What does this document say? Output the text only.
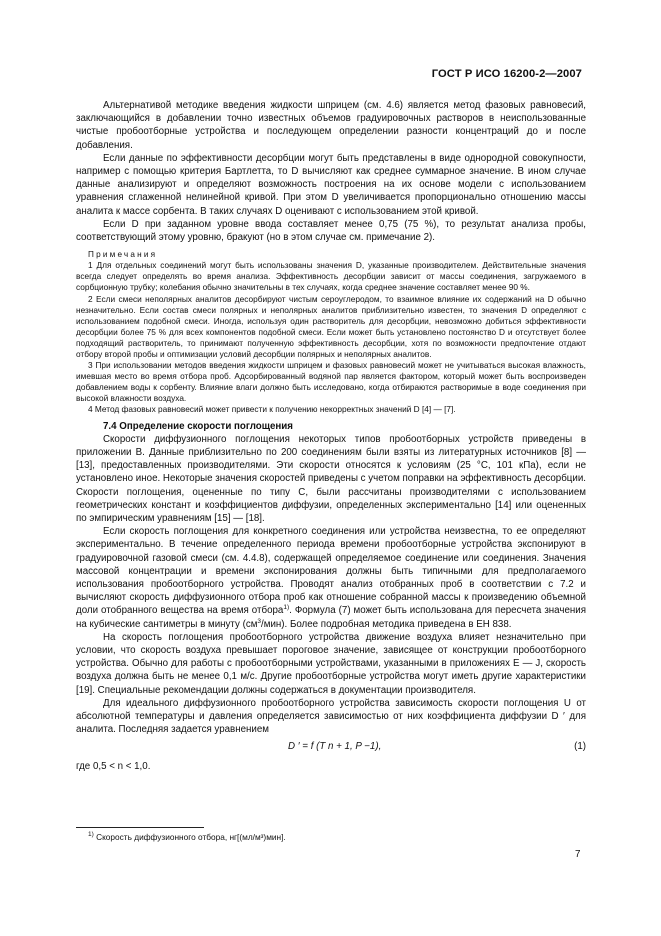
ГОСТ Р ИСО 16200-2—2007

Альтернативой методике введения жидкости шприцем (см. 4.6) является метод фазовых равновесий, заключающийся в добавлении точно известных объемов градуировочных растворов в неиспользованные чистые пробоотборные устройства и последующем определении разности концентраций до и после добавления.

Если данные по эффективности десорбции могут быть представлены в виде однородной совокупности, например с помощью критерия Бартлетта, то D вычисляют как среднее суммарное значение. В ином случае данные анализируют и определяют возможность построения на их основе модели с использованием уравнения сглаженной нелинейной кривой. При этом D увеличивается пропорционально отношению массы аналита к массе сорбента. В таких случаях D оценивают с использованием этой кривой.

Если D при заданном уровне ввода составляет менее 0,75 (75 %), то результат анализа пробы, соответствующий этому уровню, бракуют (но в этом случае см. примечание 2).

Примечания

1 Для отдельных соединений могут быть использованы значения D, указанные производителем. Действительные значения всегда следует определять во время анализа. Эффективность десорбции зависит от массы соединения, загружаемого в сорбционную трубку; колебания обычно значительны в тех случаях, когда среднее значение составляет менее 90 %.

2 Если смеси неполярных аналитов десорбируют чистым сероуглеродом, то взаимное влияние их содержаний на D обычно незначительно. Если состав смеси полярных и неполярных аналитов приблизительно известен, то значения D определяют с использованием подобной смеси. Иногда, используя один растворитель для десорбции, невозможно добиться эффективности десорбции более 75 % для всех компонентов подобной смеси. Если может быть установлено постоянство D и отсутствует более подходящий растворитель, то принимают полученную эффективность десорбции, хотя по возможности предпочтение отдают отбору второй пробы и оптимизации условий десорбции полярных и неполярных аналитов.

3 При использовании методов введения жидкости шприцем и фазовых равновесий может не учитываться высокая влажность, имевшая место во время отбора проб. Адсорбированный водяной пар является фактором, который может быть воспроизведен добавлением воды к сорбенту. Влияние влаги должно быть исследовано, когда отбираются растворимые в воде соединения при высокой влажности воздуха.

4 Метод фазовых равновесий может привести к получению некорректных значений D [4] — [7].

7.4 Определение скорости поглощения

Скорости диффузионного поглощения некоторых типов пробоотборных устройств приведены в приложении В. Данные приблизительно по 200 соединениям были взяты из литературных источников [8] — [13], предоставленных производителями. Эти скорости относятся к условиям (25 °С, 101 кПа), если не установлено иное. Некоторые значения скоростей приведены с учетом поправки на эффективность десорбции. Скорости поглощения, оцененные по типу С, были рассчитаны производителями с использованием геометрических констант и коэффициентов диффузии, определенных экспериментально [14] или оцененных по эмпирическим уравнениям [15] — [18].

Если скорость поглощения для конкретного соединения или устройства неизвестна, то ее определяют экспериментально. В течение определенного периода времени пробоотборные устройства экспонируют в градуировочной газовой смеси (см. 4.4.8), содержащей определяемое соединение или соединения. Значения массовой концентрации и времени экспонирования должны быть типичными для предполагаемого использования пробоотборного устройства. Проводят анализ отобранных проб в соответствии с 7.2 и вычисляют скорость диффузионного отбора проб как отношение собранной массы к произведению объемной доли отобранного вещества на время отбора$^{1)}$. Формула (7) может быть использована для пересчета значения на кубические сантиметры в минуту $(см^3/мин)$. Более подробная методика приведена в ЕН 838.

На скорость поглощения пробоотборного устройства движение воздуха влияет незначительно при условии, что скорость воздуха превышает пороговое значение, зависящее от конструкции пробоотборного устройства. Обычно для работы с пробоотборными устройствами, указанными в приложениях Е — J, скорость воздуха должна быть не менее 0,1 м/с. Другие пробоотборные устройства могут иметь другие характеристики [19]. Специальные рекомендации должны содержаться в документации производителя.

Для идеального диффузионного пробоотборного устройства зависимость скорости поглощения U от абсолютной температуры и давления определяется зависимостью от них коэффициента диффузии D ′ для аналита. Последняя задается уравнением

D ′ = f (T n + 1, P −1),	(1)

где 0,5 < n < 1,0.

$^{1)}$ Скорость диффузионного отбора, нг[(мл/м³)мин].
7
